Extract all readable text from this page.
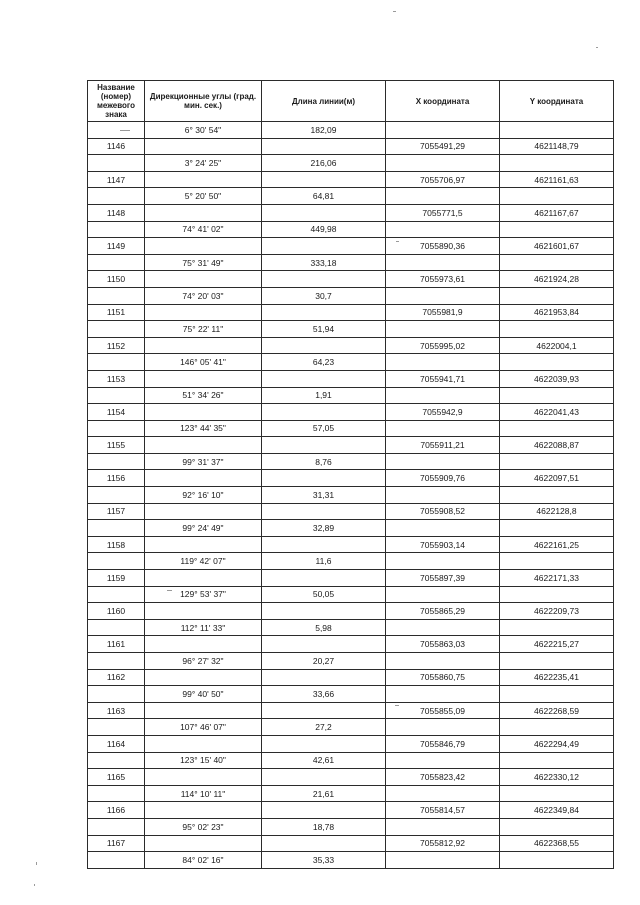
Название (номер) межевого знака	Дирекционные углы (град. мин. сек.)	Длина линии(м)	X координата	Y координата
	6° 30' 54"	182,09		
1146			7055491,29	4621148,79
	3° 24' 25"	216,06		
1147			7055706,97	4621161,63
	5° 20' 50"	64,81		
1148			7055771,5	4621167,67
	74° 41' 02"	449,98		
1149			7055890,36	4621601,67
	75° 31' 49"	333,18		
1150			7055973,61	4621924,28
	74° 20' 03"	30,7		
1151			7055981,9	4621953,84
	75° 22' 11"	51,94		
1152			7055995,02	4622004,1
	146° 05' 41"	64,23		
1153			7055941,71	4622039,93
	51° 34' 26"	1,91		
1154			7055942,9	4622041,43
	123° 44' 35"	57,05		
1155			7055911,21	4622088,87
	99° 31' 37"	8,76		
1156			7055909,76	4622097,51
	92° 16' 10"	31,31		
1157			7055908,52	4622128,8
	99° 24' 49"	32,89		
1158			7055903,14	4622161,25
	119° 42' 07"	11,6		
1159			7055897,39	4622171,33
	129° 53' 37"	50,05		
1160			7055865,29	4622209,73
	112° 11' 33"	5,98		
1161			7055863,03	4622215,27
	96° 27' 32"	20,27		
1162			7055860,75	4622235,41
	99° 40' 50"	33,66		
1163			7055855,09	4622268,59
	107° 46' 07"	27,2		
1164			7055846,79	4622294,49
	123° 15' 40"	42,61		
1165			7055823,42	4622330,12
	114° 10' 11"	21,61		
1166			7055814,57	4622349,84
	95° 02' 23"	18,78		
1167			7055812,92	4622368,55
	84° 02' 16"	35,33		
